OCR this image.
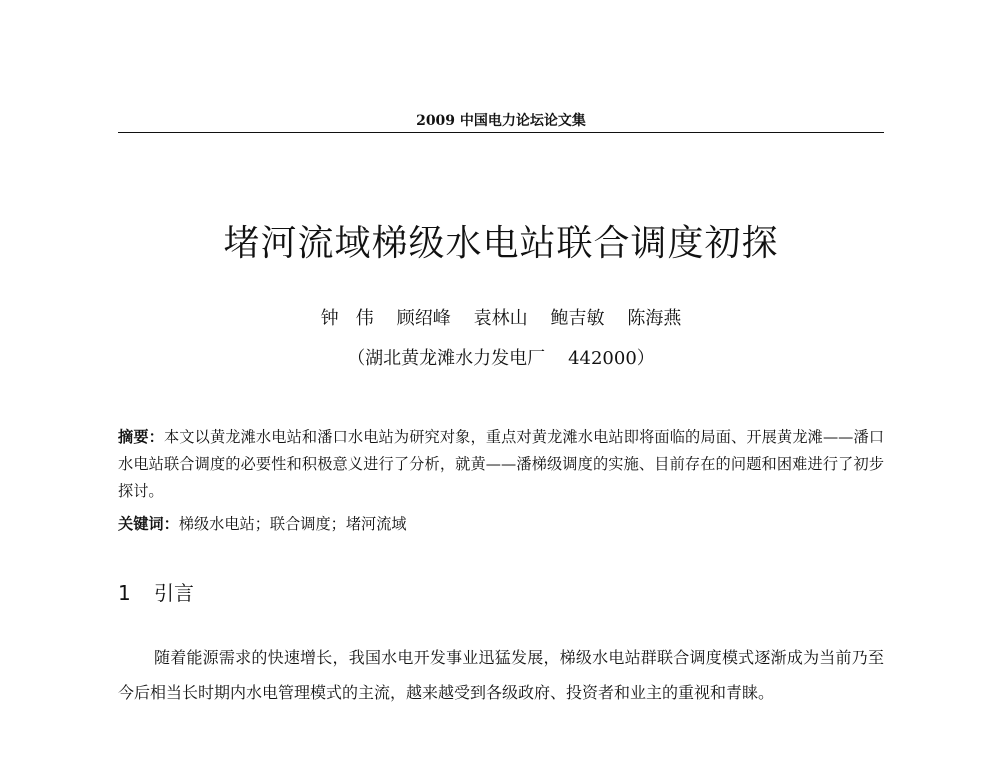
2009 中国电力论坛论文集
堵河流域梯级水电站联合调度初探
钟   伟    顾绍峰    袁林山    鲍吉敏    陈海燕
（湖北黄龙滩水力发电厂    442000）
摘要：本文以黄龙滩水电站和潘口水电站为研究对象，重点对黄龙滩水电站即将面临的局面、开展黄龙滩——潘口水电站联合调度的必要性和积极意义进行了分析，就黄——潘梯级调度的实施、目前存在的问题和困难进行了初步探讨。
关键词：梯级水电站；联合调度；堵河流域
1 引言
随着能源需求的快速增长，我国水电开发事业迅猛发展，梯级水电站群联合调度模式逐渐成为当前乃至今后相当长时期内水电管理模式的主流，越来越受到各级政府、投资者和业主的重视和青睐。
